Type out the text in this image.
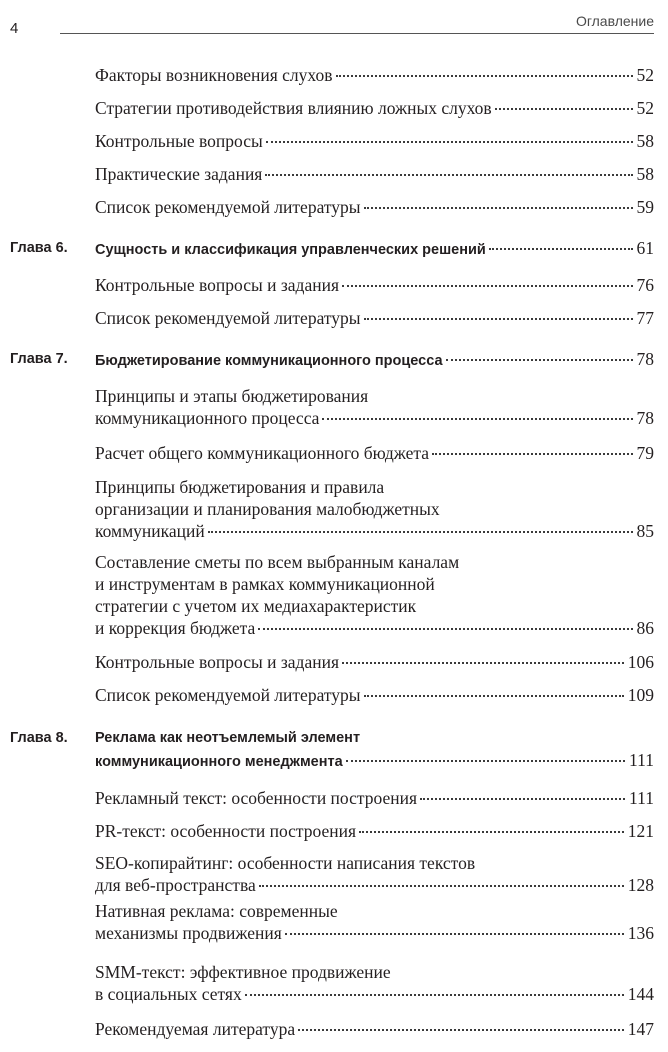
4	Оглавление
Факторы возникновения слухов	52
Стратегии противодействия влиянию ложных слухов	52
Контрольные вопросы	58
Практические задания	58
Список рекомендуемой литературы	59
Глава 6. Сущность и классификация управленческих решений	61
Контрольные вопросы и задания	76
Список рекомендуемой литературы	77
Глава 7. Бюджетирование коммуникационного процесса	78
Принципы и этапы бюджетирования
коммуникационного процесса	78
Расчет общего коммуникационного бюджета	79
Принципы бюджетирования и правила
организации и планирования малобюджетных
коммуникаций	85
Составление сметы по всем выбранным каналам
и инструментам в рамках коммуникационной
стратегии с учетом их медиахарактеристик
и коррекция бюджета	86
Контрольные вопросы и задания	106
Список рекомендуемой литературы	109
Глава 8. Реклама как неотъемлемый элемент
коммуникационного менеджмента	111
Рекламный текст: особенности построения	111
PR-текст: особенности построения	121
SEO-копирайтинг: особенности написания текстов
для веб-пространства	128
Нативная реклама: современные
механизмы продвижения	136
SMM-текст: эффективное продвижение
в социальных сетях	144
Рекомендуемая литература	147
